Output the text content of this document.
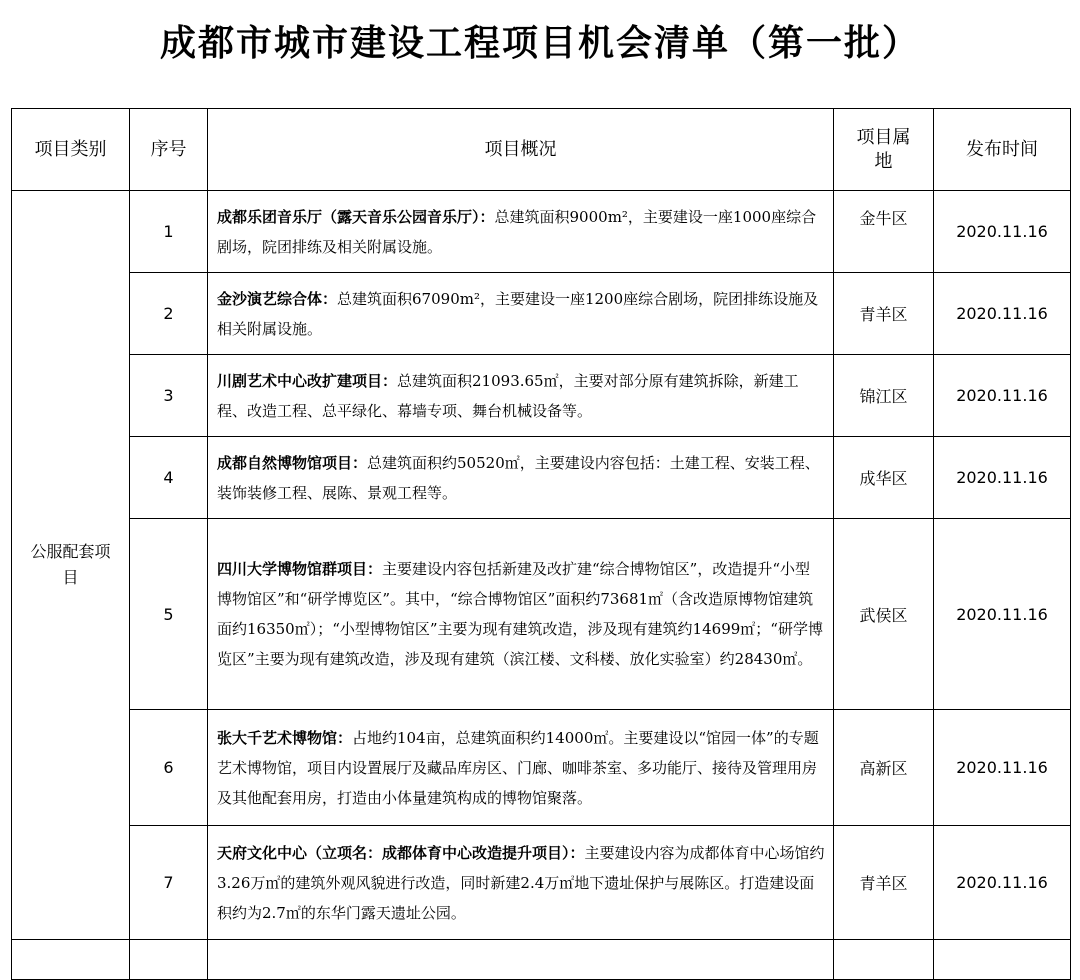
成都市城市建设工程项目机会清单（第一批）
项目类别	序号	项目概况	项目属地	发布时间

公服配套项目	1	成都乐团音乐厅（露天音乐公园音乐厅）：总建筑面积9000m²，主要建设一座1000座综合剧场，院团排练及相关附属设施。	金牛区	2020.11.16
	2	金沙演艺综合体：总建筑面积67090m²，主要建设一座1200座综合剧场，院团排练设施及相关附属设施。	青羊区	2020.11.16
	3	川剧艺术中心改扩建项目：总建筑面积21093.65㎡，主要对部分原有建筑拆除，新建工程、改造工程、总平绿化、幕墙专项、舞台机械设备等。	锦江区	2020.11.16
	4	成都自然博物馆项目：总建筑面积约50520㎡，主要建设内容包括：土建工程、安装工程、装饰装修工程、展陈、景观工程等。	成华区	2020.11.16
	5	四川大学博物馆群项目：主要建设内容包括新建及改扩建“综合博物馆区”，改造提升“小型博物馆区”和“研学博览区”。其中，“综合博物馆区”面积约73681㎡（含改造原博物馆建筑面约16350㎡）；“小型博物馆区”主要为现有建筑改造，涉及现有建筑约14699㎡；“研学博览区”主要为现有建筑改造，涉及现有建筑（滨江楼、文科楼、放化实验室）约28430㎡。	武侯区	2020.11.16
	6	张大千艺术博物馆：占地约104亩，总建筑面积约14000㎡。主要建设以“馆园一体”的专题艺术博物馆，项目内设置展厅及藏品库房区、门廊、咖啡茶室、多功能厅、接待及管理用房及其他配套用房，打造由小体量建筑构成的博物馆聚落。	高新区	2020.11.16
	7	天府文化中心（立项名：成都体育中心改造提升项目）：主要建设内容为成都体育中心场馆约3.26万㎡的建筑外观风貌进行改造，同时新建2.4万㎡地下遗址保护与展陈区。打造建设面积约为2.7㎡的东华门露天遗址公园。	青羊区	2020.11.16
